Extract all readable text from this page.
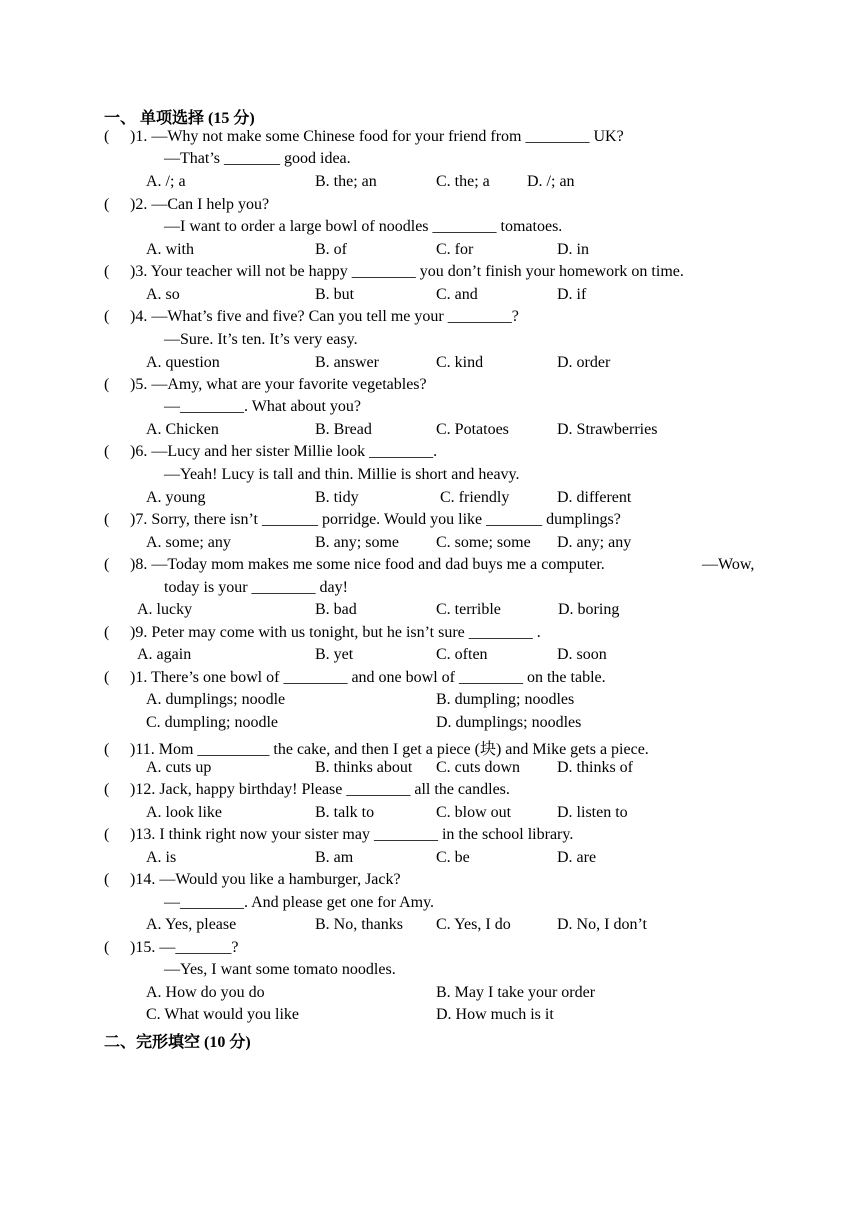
一、 单项选择 (15 分)
( )1. —Why not make some Chinese food for your friend from ________ UK?
—That’s _______ good idea.
A. /; a	B. the; an	C. the; a D. /; an
( )2. —Can I help you?
—I want to order a large bowl of noodles ________ tomatoes.
A. with	B. of	C. for	D. in
( )3. Your teacher will not be happy ________ you don’t finish your homework on time.
A. so	B. but	C. and	D. if
( )4. —What’s five and five? Can you tell me your ________?
—Sure. It’s ten. It’s very easy.
A. question	B. answer	C. kind	D. order
( )5. —Amy, what are your favorite vegetables?
—________. What about you?
A. Chicken	B. Bread	C. Potatoes	D. Strawberries
( )6. —Lucy and her sister Millie look ________.
—Yeah! Lucy is tall and thin. Millie is short and heavy.
A. young	B. tidy	C. friendly	D. different
( )7. Sorry, there isn’t _______ porridge. Would you like _______ dumplings?
A. some; any	B. any; some C. some; some D. any; any
( )8. —Today mom makes me some nice food and dad buys me a computer.	—Wow,
today is your ________ day!
A. lucky	B. bad	C. terrible	D. boring
( )9. Peter may come with us tonight, but he isn’t sure ________ .
A. again	B. yet	C. often	D. soon
( )1. There’s one bowl of ________ and one bowl of ________ on the table.
A. dumplings; noodle	B. dumpling; noodles
C. dumpling; noodle	D. dumplings; noodles
( )11. Mom _________ the cake, and then I get a piece (块) and Mike gets a piece.
A. cuts up	B. thinks about C. cuts down D. thinks of
( )12. Jack, happy birthday! Please ________ all the candles.
A. look like	B. talk to	C. blow out	D. listen to
( )13. I think right now your sister may ________ in the school library.
A. is	B. am	C. be	D. are
( )14. —Would you like a hamburger, Jack?
—________. And please get one for Amy.
A. Yes, please	B. No, thanks C. Yes, I do	D. No, I don’t
( )15. —_______?
—Yes, I want some tomato noodles.
A. How do you do	B. May I take your order
C. What would you like	D. How much is it
二、完形填空 (10 分)
